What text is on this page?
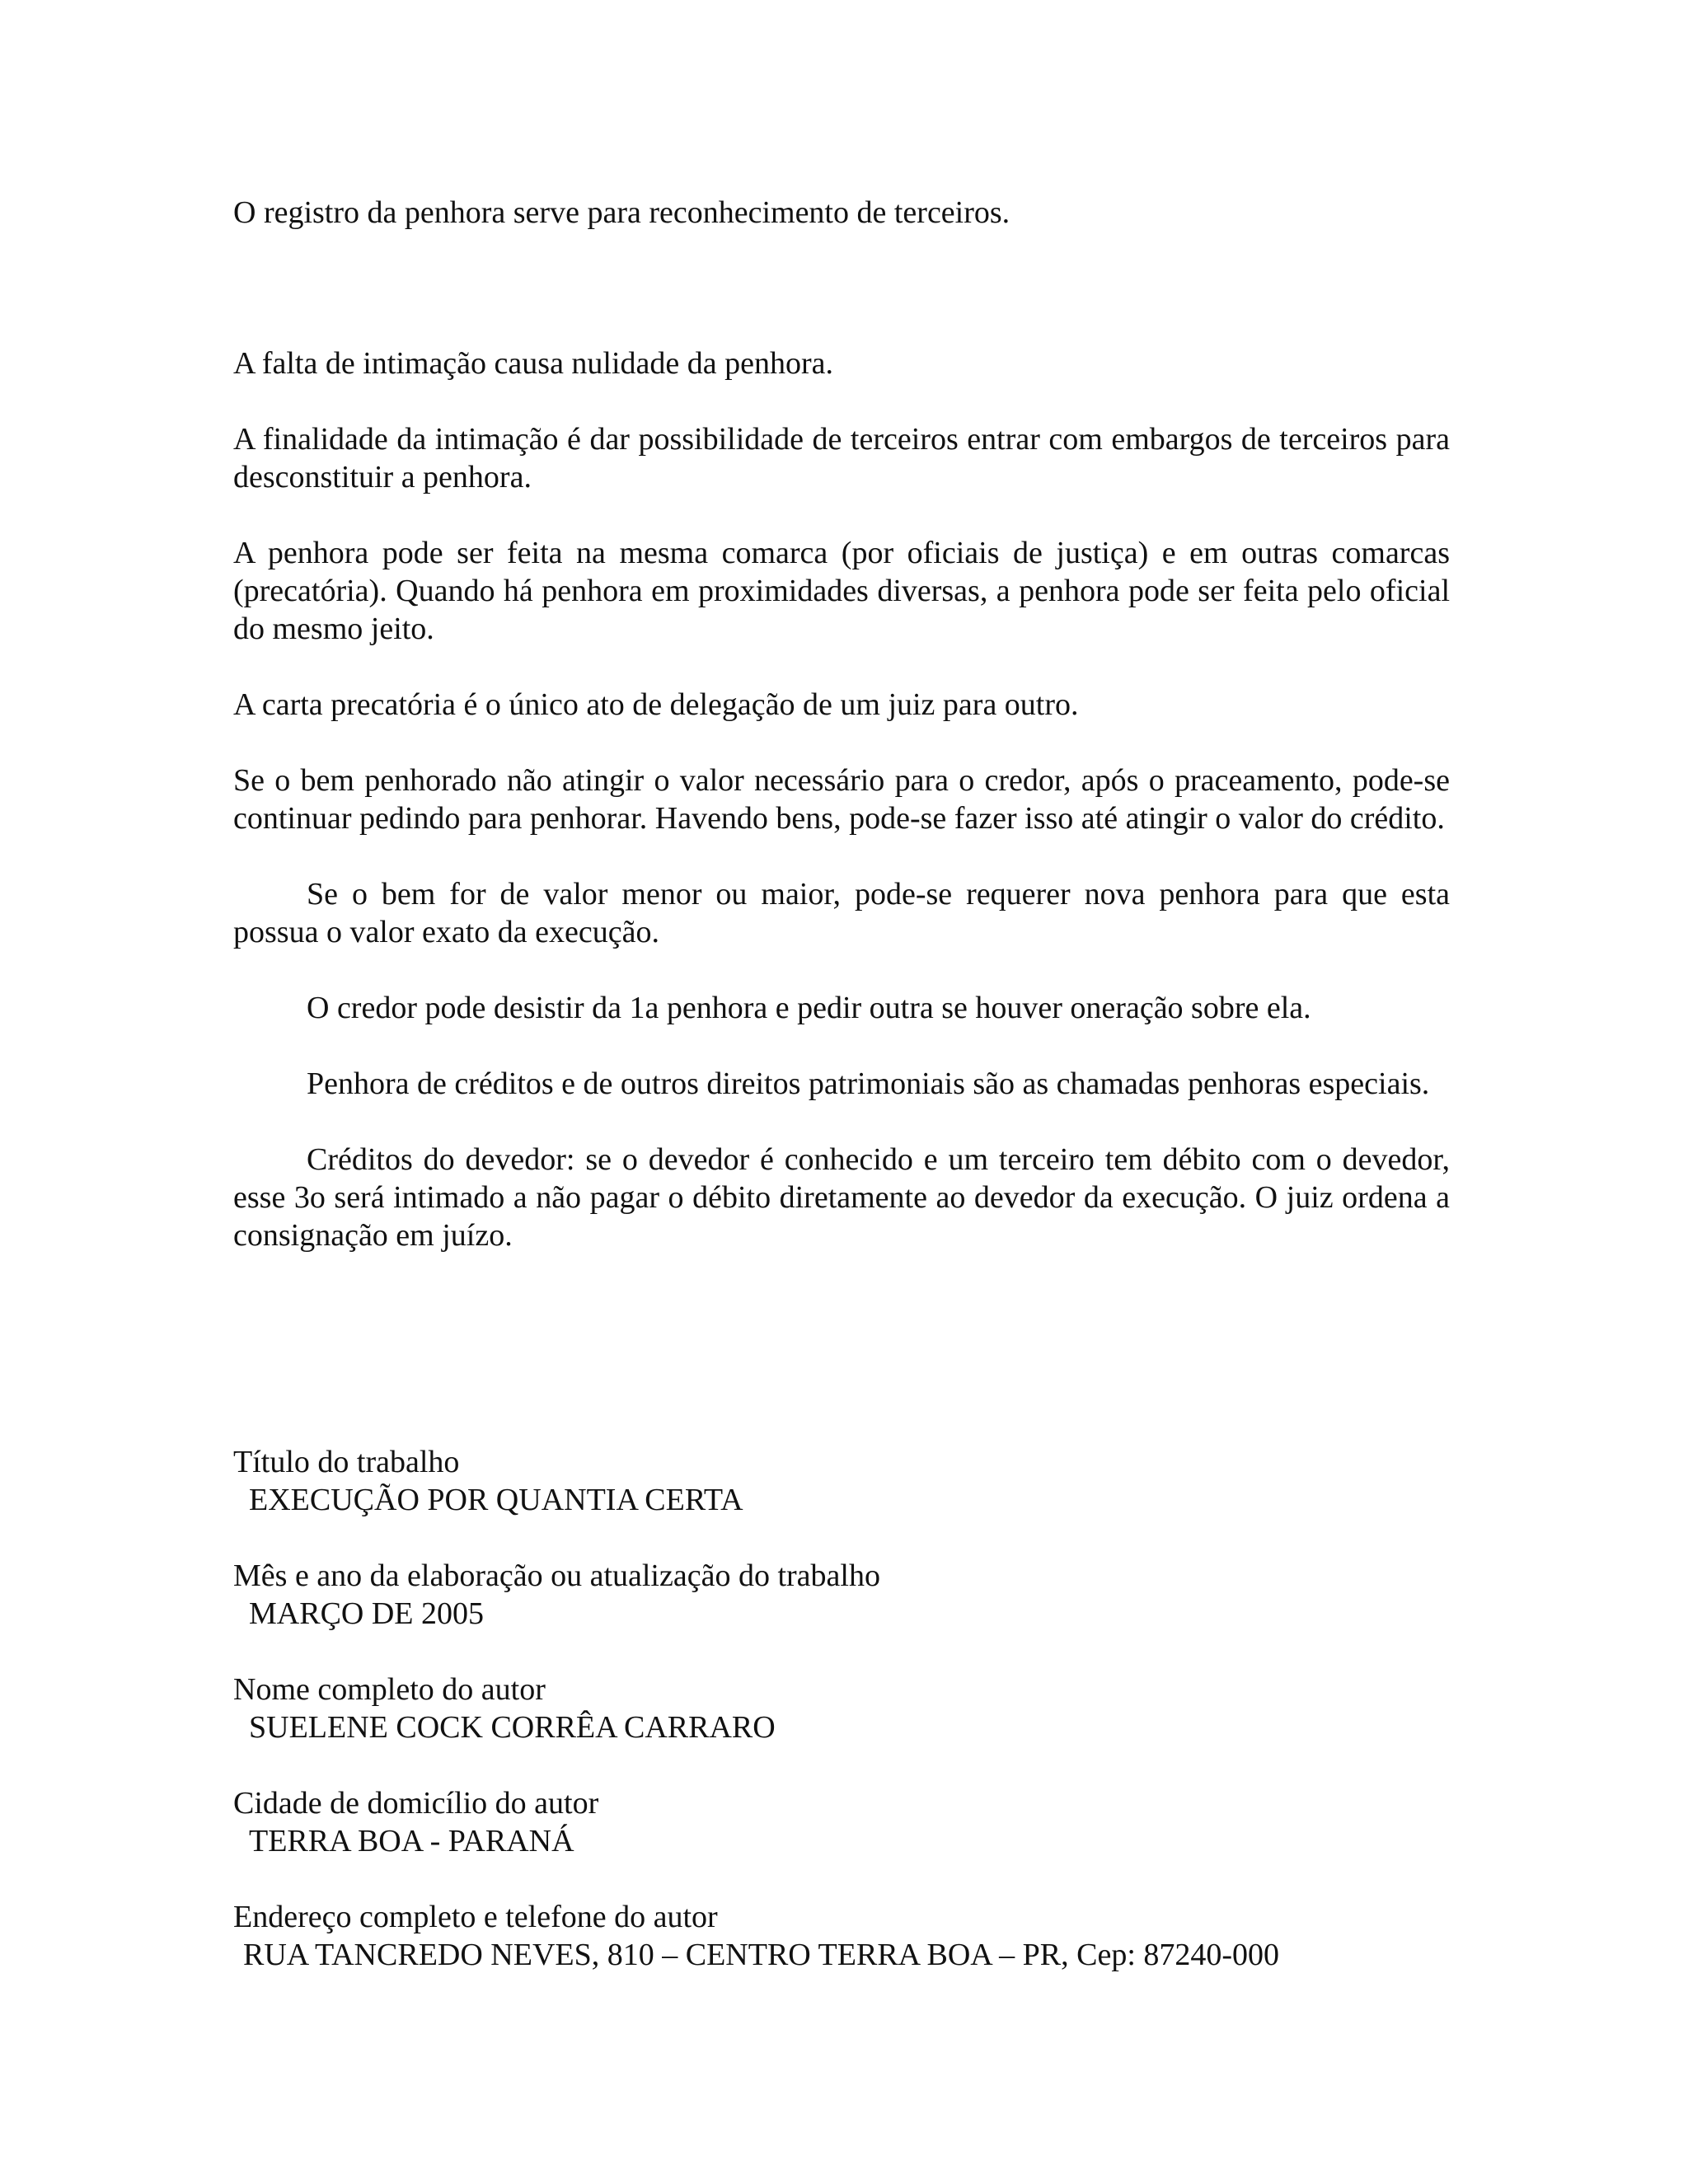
O registro da penhora serve para reconhecimento de terceiros.

A falta de intimação causa nulidade da penhora.

A finalidade da intimação é dar possibilidade de terceiros entrar com embargos de terceiros para desconstituir a penhora.

A penhora pode ser feita na mesma comarca (por oficiais de justiça) e em outras comarcas (precatória). Quando há penhora em proximidades diversas, a penhora pode ser feita pelo oficial do mesmo jeito.

A carta precatória é o único ato de delegação de um juiz para outro.

Se o bem penhorado não atingir o valor necessário para o credor, após o praceamento, pode-se continuar pedindo para penhorar. Havendo bens, pode-se fazer isso até atingir o valor do crédito.

Se o bem for de valor menor ou maior, pode-se requerer nova penhora para que esta possua o valor exato da execução.

O credor pode desistir da 1a penhora e pedir outra se houver oneração sobre ela.

Penhora de créditos e de outros direitos patrimoniais são as chamadas penhoras especiais.

Créditos do devedor: se o devedor é conhecido e um terceiro tem débito com o devedor, esse 3o será intimado a não pagar o débito diretamente ao devedor da execução. O juiz ordena a consignação em juízo.

Título do trabalho
EXECUÇÃO POR QUANTIA CERTA
Mês e ano da elaboração ou atualização do trabalho
MARÇO DE 2005
Nome completo do autor
SUELENE COCK CORRÊA CARRARO
Cidade de domicílio do autor
TERRA BOA - PARANÁ
Endereço completo e telefone do autor
RUA TANCREDO NEVES, 810 – CENTRO TERRA BOA – PR, Cep: 87240-000
